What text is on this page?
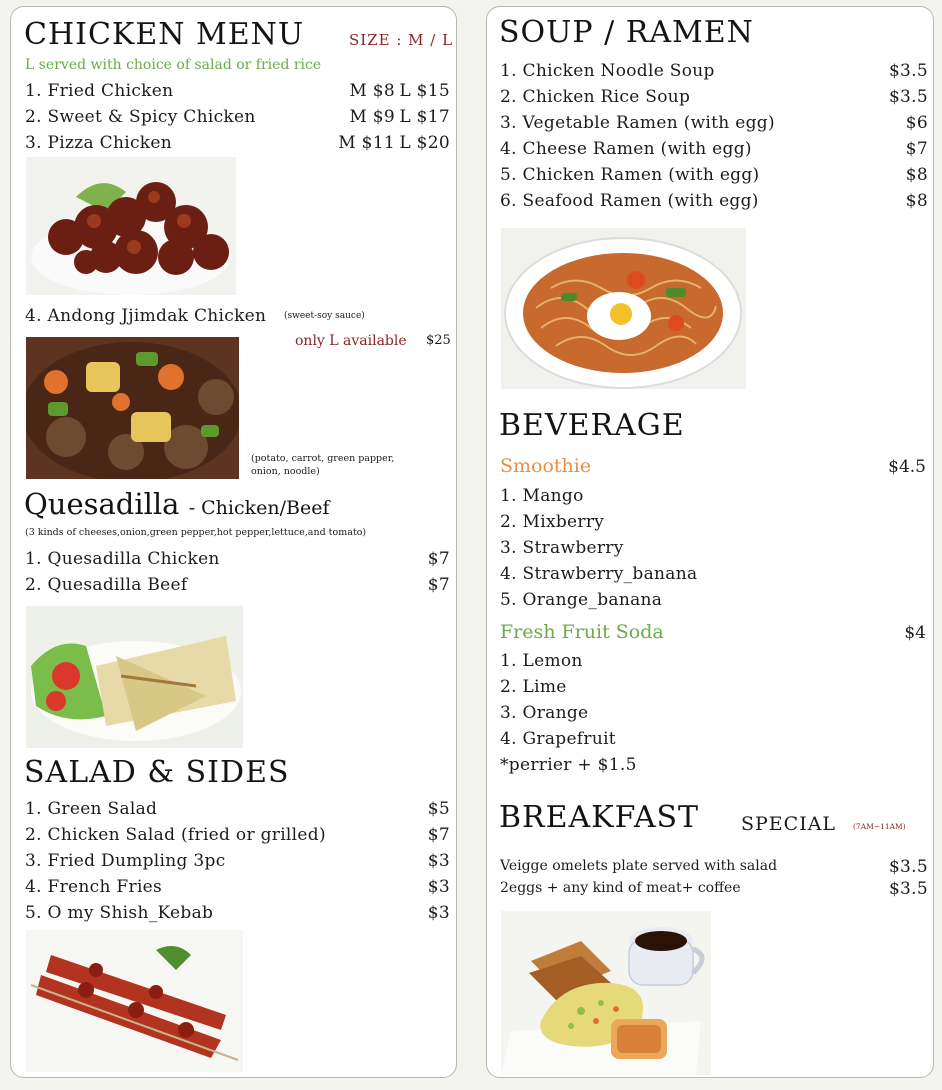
CHICKEN MENU	SIZE : M / L
L served with choice of salad or fried rice
1. Fried Chicken	M $8 L $15
2. Sweet & Spicy Chicken	M $9 L $17
3. Pizza Chicken	M $11 L $20
4. Andong Jjimdak Chicken (sweet-soy sauce)
only L available $25
(potato, carrot, green papper,
onion, noodle)
Quesadilla - Chicken/Beef
(3 kinds of cheeses,onion,green pepper,hot pepper,lettuce,and tomato)
1. Quesadilla Chicken	$7
2. Quesadilla Beef	$7
SALAD & SIDES
1. Green Salad	$5
2. Chicken Salad (fried or grilled)	$7
3. Fried Dumpling 3pc	$3
4. French Fries	$3
5. O my Shish_Kebab	$3
SOUP / RAMEN
1. Chicken Noodle Soup	$3.5
2. Chicken Rice Soup	$3.5
3. Vegetable Ramen (with egg)	$6
4. Cheese Ramen (with egg)	$7
5. Chicken Ramen (with egg)	$8
6. Seafood Ramen (with egg)	$8
BEVERAGE
Smoothie	$4.5
1. Mango
2. Mixberry
3. Strawberry
4. Strawberry_banana
5. Orange_banana
Fresh Fruit Soda	$4
1. Lemon
2. Lime
3. Orange
4. Grapefruit
*perrier + $1.5
BREAKFAST SPECIAL (7AM~11AM)
Veigge omelets plate served with salad	$3.5
2eggs + any kind of meat+ coffee	$3.5
